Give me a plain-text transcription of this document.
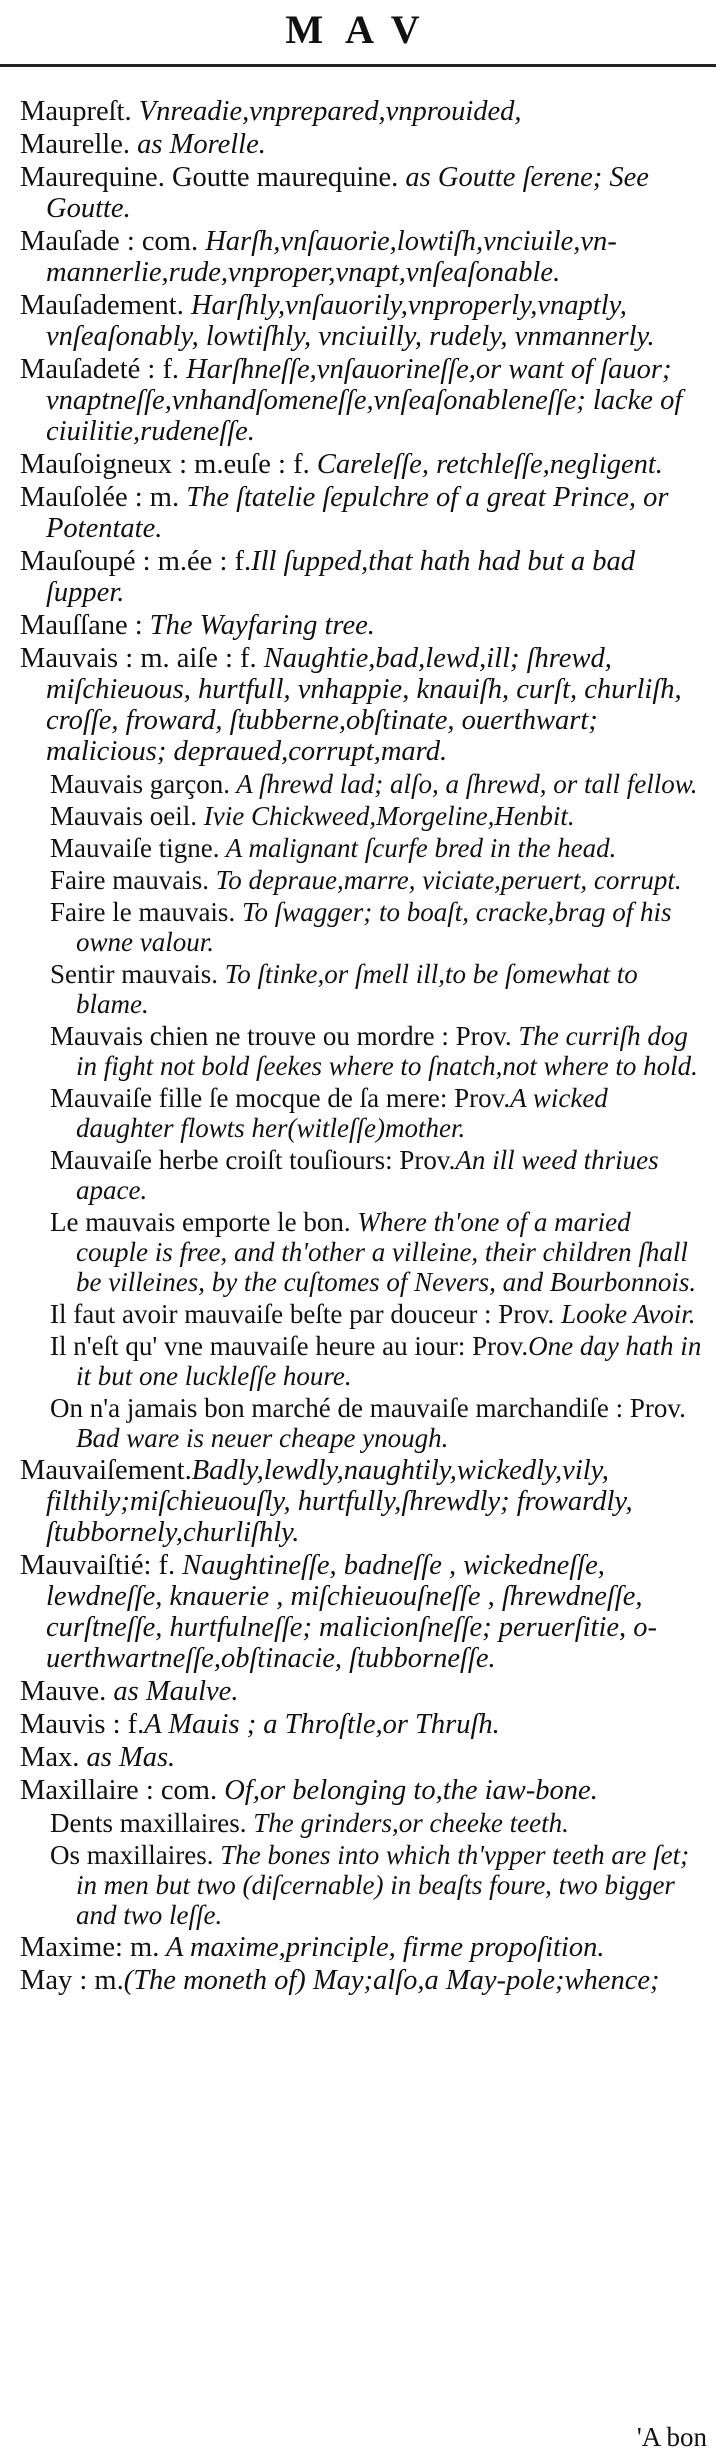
MAV
Maupreſt. Vnreadie,vnprepared,vnprouided,
Maurelle. as Morelle.
Maurequine. Goutte maurequine. as Goutte ſerene; See Goutte.
Mauſade : com. Harſh,vnſauorie,lowtiſh,vnciuile,vnmannerlie,rude,vnproper,vnapt,vnſeaſonable.
Mauſadement. Harſhly,vnſauorily,vnproperly,vnaptly, vnſeaſonably, lowtiſhly, vnciuilly, rudely, vnmannerly.
Mauſadeté : f. Harſhneſſe,vnſauorineſſe,or want of ſauor; vnaptneſſe,vnhandſomeneſſe,vnſeaſonableneſſe; lacke of ciuilitie,rudeneſſe.
Mauſoigneux : m.euſe : f. Careleſſe, retchleſſe,negligent.
Mauſolée : m. The ſtatelie ſepulchre of a great Prince, or Potentate.
Mauſoupé : m.ée : f.Ill ſupped,that hath had but a bad ſupper.
Mauſſane : The Wayfaring tree.
Mauvais : m. aiſe : f. Naughtie,bad,lewd,ill; ſhrewd, miſchieuous, hurtfull, vnhappie, knauiſh, curſt, churliſh, croſſe, froward, ſtubberne,obſtinate, ouerthwart; malicious; depraued,corrupt,mard.
Mauvais garçon. A ſhrewd lad; alſo, a ſhrewd, or tall fellow.
Mauvais oeil. Ivie Chickweed,Morgeline,Henbit.
Mauvaiſe tigne. A malignant ſcurfe bred in the head.
Faire mauvais. To depraue,marre, viciate,peruert, corrupt.
Faire le mauvais. To ſwagger; to boaſt, cracke,brag of his owne valour.
Sentir mauvais. To ſtinke,or ſmell ill,to be ſomewhat to blame.
Mauvais chien ne trouve ou mordre : Prov. The curriſh dog in fight not bold ſeekes where to ſnatch,not where to hold.
Mauvaiſe fille ſe mocque de ſa mere: Prov.A wicked daughter flowts her(witleſſe)mother.
Mauvaiſe herbe croiſt touſiours: Prov.An ill weed thriues apace.
Le mauvais emporte le bon. Where th'one of a maried couple is free, and th'other a villeine, their children ſhall be villeines, by the cuſtomes of Nevers, and Bourbonnois.
Il faut avoir mauvaiſe beſte par douceur : Prov. Looke Avoir.
Il n'eſt qu' vne mauvaiſe heure au iour: Prov.One day hath in it but one luckleſſe houre.
On n'a jamais bon marché de mauvaiſe marchandiſe : Prov. Bad ware is neuer cheape ynough.
Mauvaiſement.Badly,lewdly,naughtily,wickedly,vily, filthily;miſchieuouſly, hurtfully,ſhrewdly; frowardly, ſtubbornely,churliſhly.
Mauvaiſtié: f. Naughtineſſe, badneſſe , wickedneſſe, lewdneſſe, knauerie , miſchieuouſneſſe , ſhrewdneſſe, curſtneſſe, hurtfulneſſe; malicionſneſſe; peruerſitie, ouerthwartneſſe,obſtinacie, ſtubborneſſe.
Mauve. as Maulve.
Mauvis : f.A Mauis ; a Throſtle,or Thruſh.
Max. as Mas.
Maxillaire : com. Of,or belonging to,the iaw-bone.
Dents maxillaires. The grinders,or cheeke teeth.
Os maxillaires. The bones into which th'vpper teeth are ſet; in men but two (diſcernable) in beaſts foure, two bigger and two leſſe.
Maxime: m. A maxime,principle, firme propoſition.
May : m.(The moneth of) May;alſo,a May-pole;whence;
'A bon
